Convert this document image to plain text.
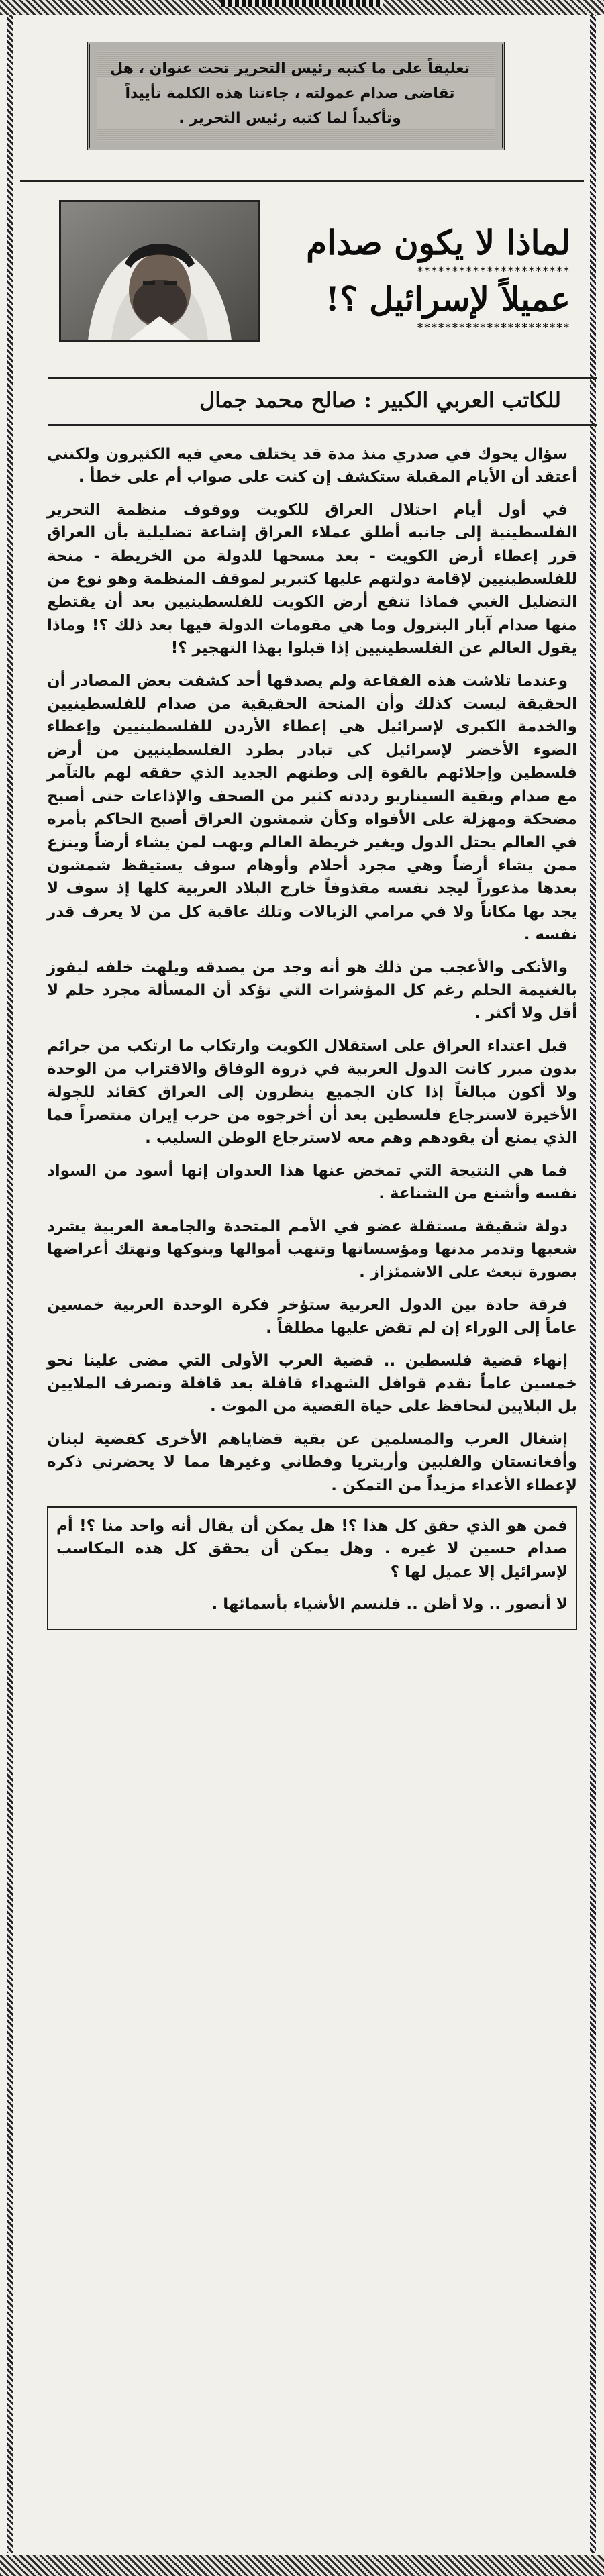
تعليقاً على ما كتبه رئيس التحرير تحت عنوان ، هل تقاضى صدام عمولته ، جاءتنا هذه الكلمة تأييداً وتأكيداً لما كتبه رئيس التحرير .
لماذا لا يكون صدام
**********************
عميلاً لإسرائيل ؟!
**********************
للكاتب العربي الكبير : صالح محمد جمال

سؤال يحوك في صدري منذ مدة قد يختلف معي فيه الكثيرون ولكنني أعتقد أن الأيام المقبلة ستكشف إن كنت على صواب أم على خطأ .

في أول أيام احتلال العراق للكويت ووقوف منظمة التحرير الفلسطينية إلى جانبه أطلق عملاء العراق إشاعة تضليلية بأن العراق قرر إعطاء أرض الكويت - بعد مسحها للدولة من الخريطة - منحة للفلسطينيين لإقامة دولتهم عليها كتبرير لموقف المنظمة وهو نوع من التضليل الغبي فماذا تنفع أرض الكويت للفلسطينيين بعد أن يقتطع منها صدام آبار البترول وما هي مقومات الدولة فيها بعد ذلك ؟! وماذا يقول العالم عن الفلسطينيين إذا قبلوا بهذا التهجير ؟!

وعندما تلاشت هذه الفقاعة ولم يصدقها أحد كشفت بعض المصادر أن الحقيقة ليست كذلك وأن المنحة الحقيقية من صدام للفلسطينيين والخدمة الكبرى لإسرائيل هي إعطاء الأردن للفلسطينيين وإعطاء الضوء الأخضر لإسرائيل كي تبادر بطرد الفلسطينيين من أرض فلسطين وإجلائهم بالقوة إلى وطنهم الجديد الذي حققه لهم بالتآمر مع صدام وبقية السيناريو رددته كثير من الصحف والإذاعات حتى أصبح مضحكة ومهزلة على الأفواه وكأن شمشون العراق أصبح الحاكم بأمره في العالم يحتل الدول ويغير خريطة العالم ويهب لمن يشاء أرضاً وينزع ممن يشاء أرضاً وهي مجرد أحلام وأوهام سوف يستيقظ شمشون بعدها مذعوراً ليجد نفسه مقذوفاً خارج البلاد العربية كلها إذ سوف لا يجد بها مكاناً ولا في مرامي الزبالات وتلك عاقبة كل من لا يعرف قدر نفسه .

والأنكى والأعجب من ذلك هو أنه وجد من يصدقه ويلهث خلفه ليفوز بالغنيمة الحلم رغم كل المؤشرات التي تؤكد أن المسألة مجرد حلم لا أقل ولا أكثر .

قبل اعتداء العراق على استقلال الكويت وارتكاب ما ارتكب من جرائم بدون مبرر كانت الدول العربية في ذروة الوفاق والاقتراب من الوحدة ولا أكون مبالغاً إذا كان الجميع ينظرون إلى العراق كقائد للجولة الأخيرة لاسترجاع فلسطين بعد أن أخرجوه من حرب إيران منتصراً فما الذي يمنع أن يقودهم وهم معه لاسترجاع الوطن السليب .

فما هي النتيجة التي تمخض عنها هذا العدوان إنها أسود من السواد نفسه وأشنع من الشناعة .

دولة شقيقة مستقلة عضو في الأمم المتحدة والجامعة العربية يشرد شعبها وتدمر مدنها ومؤسساتها وتنهب أموالها وبنوكها وتهتك أعراضها بصورة تبعث على الاشمئزاز .

فرقة حادة بين الدول العربية ستؤخر فكرة الوحدة العربية خمسين عاماً إلى الوراء إن لم تقض عليها مطلقاً .

إنهاء قضية فلسطين .. قضية العرب الأولى التي مضى علينا نحو خمسين عاماً نقدم قوافل الشهداء قافلة بعد قافلة ونصرف الملايين بل البلايين لنحافظ على حياة القضية من الموت .

إشغال العرب والمسلمين عن بقية قضاياهم الأخرى كقضية لبنان وأفغانستان والفلبين وأريتريا وفطاني وغيرها مما لا يحضرني ذكره لإعطاء الأعداء مزيداً من التمكن .

فمن هو الذي حقق كل هذا ؟! هل يمكن أن يقال أنه واحد منا ؟! أم صدام حسين لا غيره . وهل يمكن أن يحقق كل هذه المكاسب لإسرائيل إلا عميل لها ؟

لا أتصور .. ولا أظن .. فلنسم الأشياء بأسمائها .
